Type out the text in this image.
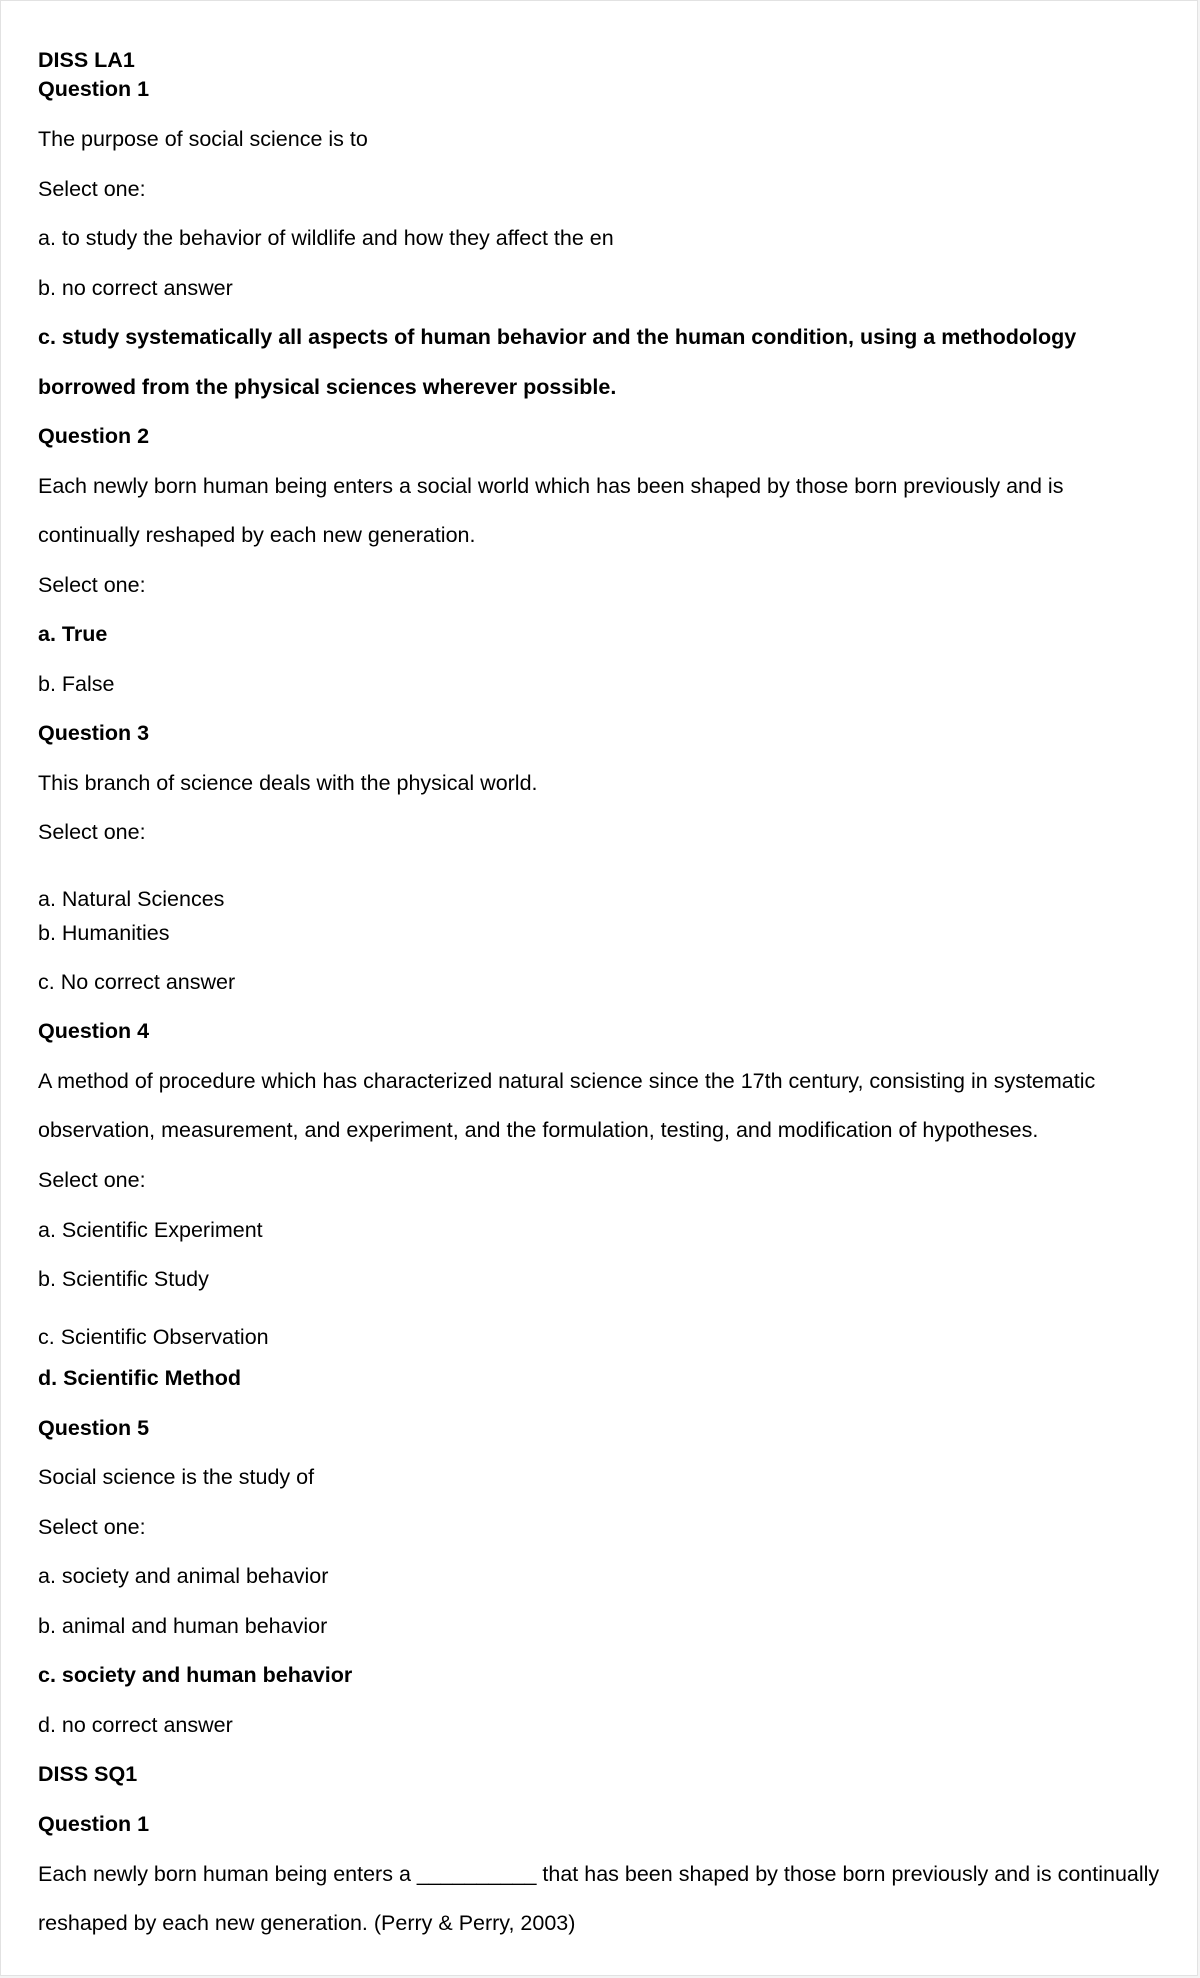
DISS LA1
Question 1
The purpose of social science is to
Select one:
a. to study the behavior of wildlife and how they affect the en
b. no correct answer
c. study systematically all aspects of human behavior and the human condition, using a methodology
borrowed from the physical sciences wherever possible.
Question 2
Each newly born human being enters a social world which has been shaped by those born previously and is
continually reshaped by each new generation.
Select one:
a. True
b. False
Question 3
This branch of science deals with the physical world.
Select one:
a. Natural Sciences
b. Humanities
c. No correct answer
Question 4
A method of procedure which has characterized natural science since the 17th century, consisting in systematic
observation, measurement, and experiment, and the formulation, testing, and modification of hypotheses.
Select one:
a. Scientific Experiment
b. Scientific Study
c. Scientific Observation
d. Scientific Method
Question 5
Social science is the study of
Select one:
a. society and animal behavior
b. animal and human behavior
c. society and human behavior
d. no correct answer
DISS SQ1
Question 1
Each newly born human being enters a __________ that has been shaped by those born previously and is continually
reshaped by each new generation. (Perry & Perry, 2003)
